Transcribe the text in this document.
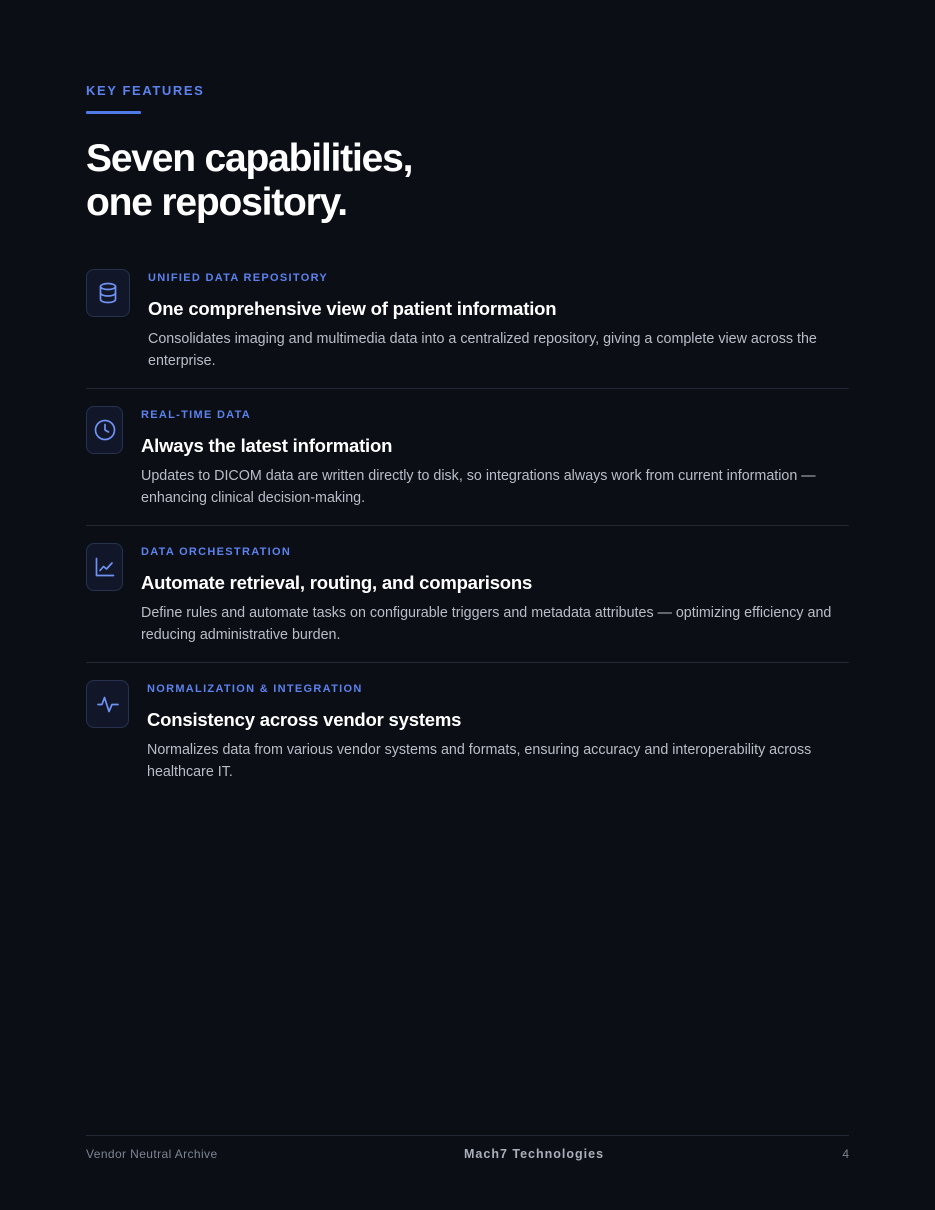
KEY FEATURES
Seven capabilities,
one repository.
UNIFIED DATA REPOSITORY
One comprehensive view of patient information
Consolidates imaging and multimedia data into a centralized repository, giving a complete view across the enterprise.
REAL-TIME DATA
Always the latest information
Updates to DICOM data are written directly to disk, so integrations always work from current information — enhancing clinical decision-making.
DATA ORCHESTRATION
Automate retrieval, routing, and comparisons
Define rules and automate tasks on configurable triggers and metadata attributes — optimizing efficiency and reducing administrative burden.
NORMALIZATION & INTEGRATION
Consistency across vendor systems
Normalizes data from various vendor systems and formats, ensuring accuracy and interoperability across healthcare IT.
Vendor Neutral Archive	Mach7 Technologies	4
